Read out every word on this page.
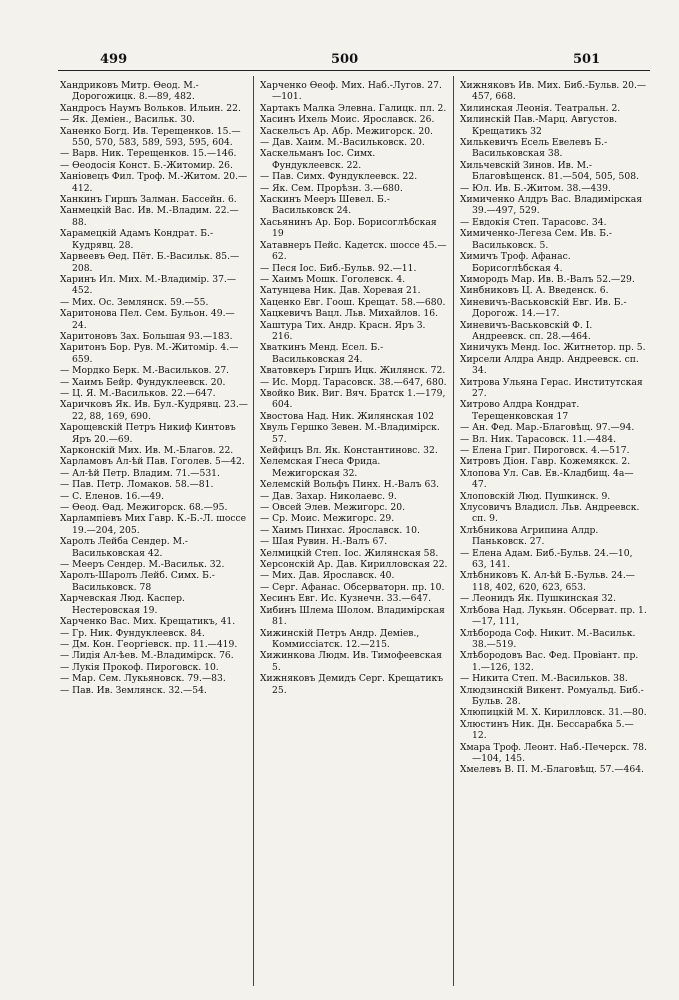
499	500	501
Хандриковъ Митр. Өеод. М.-Дорогожицк. 8.—89, 482.
Хандросъ Наумъ Вольков. Ильин. 22.
— Як. Демiен., Васильк. 30.
Ханенко Богд. Ив. Терещенков. 15.—550, 570, 583, 589, 593, 595, 604.
— Варв. Ник. Терещенков. 15.—146.
— Өеодосiя Конст. Б.-Житомир. 26.
Ханiовецъ Фил. Троф. М.-Житом. 20.—412.
Ханкинъ Гиршъ Залман. Бассейн. 6.
Ханмецкiй Вас. Ив. М.-Владим. 22.—88.
Харамецкiй Адамъ Кондрат. Б.-Кудрявц. 28.
Харвеевъ Өед. Пёт. Б.-Васильк. 85.—208.
Харинъ Ил. Мих. М.-Владимiр. 37.—452.
— Мих. Ос. Землянск. 59.—55.
Харитонова Пел. Сем. Бульон. 49.—24.
Харитоновъ Зах. Большая 93.—183.
Харитонъ Бор. Рув. М.-Житомiр. 4.—659.
— Мордко Берк. М.-Васильков. 27.
— Хаимъ Бейр. Фундуклеевск. 20.
— Ц. Я. М.-Васильков. 22.—647.
Харичковъ Як. Ив. Бул.-Кудрявц. 23.—22, 88, 169, 690.
Харощевскiй Петръ Никиф Кинтовъ Яръ 20.—69.
Харконскiй Мих. Ив. М.-Благов. 22.
Харламовъ Ал-ѣй Пав. Гоголев. 5—42.
— Ал-ѣй Петр. Владим. 71.—531.
— Пав. Петр. Ломаков. 58.—81.
— С. Еленов. 16.—49.
— Өеод. Өад. Межигорск. 68.—95.
Харлампiевъ Мих Гавр. К.-Б.-Л. шоссе 19.—204, 205.
Харолъ Лейба Сендер. М.-Васильковская 42.
— Мееръ Сендер. М.-Васильк. 32.
Харолъ-Шаролъ Лейб. Симх. Б.-Васильковск. 78
Харчевская Люд. Каспер. Нестеровская 19.
Харченко Вас. Мих. Крещатикъ, 41.
— Гр. Ник. Фундуклеевск. 84.
— Дм. Кон. Георгiевск. пр. 11.—419.
— Лидiя Ал-ѣев. М.-Владимiрск. 76.
— Лукiя Прокоф. Пироговск. 10.
— Мар. Сем. Лукьяновск. 79.—83.
— Пав. Ив. Землянск. 32.—54.
Харченко Өеоф. Мих. Наб.-Лугов. 27.—101.
Хартакъ Малка Элевна. Галицк. пл. 2.
Хасинъ Ихель Моис. Ярославск. 26.
Хаскельсъ Ар. Абр. Межигорск. 20.
— Дав. Хаим. М.-Васильковск. 20.
Хаскельманъ Iос. Симх. Фундуклеевск. 22.
— Пав. Симх. Фундуклеевск. 22.
— Як. Сем. Прорѣзн. 3.—680.
Хаскинъ Мееръ Шевел. Б.-Васильковск 24.
Хасьянинъ Ар. Бор. Борисоглѣбская 19
Хатавнеръ Пейс. Кадетск. шоссе 45.—62.
— Песя Iос. Биб.-Бульв. 92.—11.
— Хаимъ Мошк. Гоголевск. 4.
Хатунцева Ник. Дав. Хоревая 21.
Хаценко Евг. Гоош. Крещат. 58.—680.
Хацкевичъ Вацл. Льв. Михайлов. 16.
Хаштура Тих. Андр. Красн. Яръ 3. 216.
Хваткинъ Менд. Есел. Б.-Васильковская 24.
Хватовкеръ Гиршъ Ицк. Жилянск. 72.
— Ис. Морд. Тарасовск. 38.—647, 680.
Хвойко Вик. Виг. Вяч. Братск 1.—179, 604.
Хвостова Над. Ник. Жилянская 102
Хвуль Гершко Зевен. М.-Владимiрск. 57.
Хейфицъ Вл. Як. Константиновс. 32.
Хелемская Гнеса Фрида. Межигорская 32.
Хелемскiй Вольфъ Пинх. Н.-Валъ 63.
— Дав. Захар. Николаевс. 9.
— Овсей Элев. Межигорс. 20.
— Ср. Моис. Межигорс. 29.
— Хаимъ Пинхас. Ярославск. 10.
— Шая Рувин. Н.-Валъ 67.
Хелмицкiй Степ. Iос. Жилянская 58.
Херсонскiй Ар. Дав. Кирилловская 22.
— Мих. Дав. Ярославск. 40.
— Серг. Афанас. Обсерваторн. пр. 10.
Хесинъ Евг. Ис. Кузнечн. 33.—647.
Хибинъ Шлема Шолом. Владимiрская 81.
Хижинскiй Петръ Андр. Демiев., Коммиссiатск. 12.—215.
Хижинкова Людм. Ив. Тимофеевская 5.
Хижняковъ Демидъ Серг. Крещатикъ 25.
Хижняковъ Ив. Мих. Биб.-Бульв. 20.—457, 668.
Хилинская Леонiя. Театральн. 2.
Хилинскiй Пав.-Марц. Августов. Крещатикъ 32
Хилькевичъ Есель Евелевъ Б.-Васильковская 38.
Хильчевскiй Зинов. Ив. М.-Благовѣщенск. 81.—504, 505, 508.
— Юл. Ив. Б.-Житом. 38.—439.
Химиченко Алдръ Вас. Владимiрская 39.—497, 529.
— Евдокiя Степ. Тарасовс. 34.
Химиченко-Легеза Сем. Ив. Б.-Васильковск. 5.
Химичъ Троф. Афанас. Борисоглѣбская 4.
Химородъ Мар. Ив. В.-Валъ 52.—29.
Хинбниковъ Ц. А. Введенск. 6.
Хиневичъ-Васьковскiй Евг. Ив. Б.-Дорогож. 14.—17.
Хиневичъ-Васьковскiй Ф. I. Андреевск. сп. 28.—464.
Хиничукъ Менд. Iос. Житнетор. пр. 5.
Хирсели Алдра Андр. Андреевск. сп. 34.
Хитрова Ульяна Герас. Институтская 27.
Хитрово Алдра Кондрат. Терещенковская 17
— Ан. Фед. Мар.-Благовѣщ. 97.—94.
— Вл. Ник. Тарасовск. 11.—484.
— Елена Григ. Пироговск. 4.—517.
Хитровъ Дiон. Гавр. Кожемякск. 2.
Хлопова Ул. Сав. Ев.-Кладбищ. 4а—47.
Хлоповскiй Люд. Пушкинск. 9.
Хлусовичъ Владисл. Льв. Андреевск. сп. 9.
Хлѣбникова Агрипина Алдр. Паньковск. 27.
— Елена Адам. Биб.-Бульв. 24.—10, 63, 141.
Хлѣбниковъ К. Ал-ѣй Б.-Бульв. 24.—118, 402, 620, 623, 653.
— Леонидъ Як. Пушкинская 32.
Хлѣбова Над. Лукьян. Обсерват. пр. 1.—17, 111,
Хлѣборода Соф. Никит. М.-Васильк. 38.—519.
Хлѣбородовъ Вас. Фед. Провiант. пр. 1.—126, 132.
— Никита Степ. М.-Васильков. 38.
Хлюдзинскiй Викент. Ромуальд. Биб.-Бульв. 28.
Хлюпицкiй М. Х. Кирилловск. 31.—80.
Хлюстинъ Ник. Дн. Бессарабка 5.—12.
Хмара Троф. Леонт. Наб.-Печерск. 78.—104, 145.
Хмелевъ В. П. М.-Благовѣщ. 57.—464.
